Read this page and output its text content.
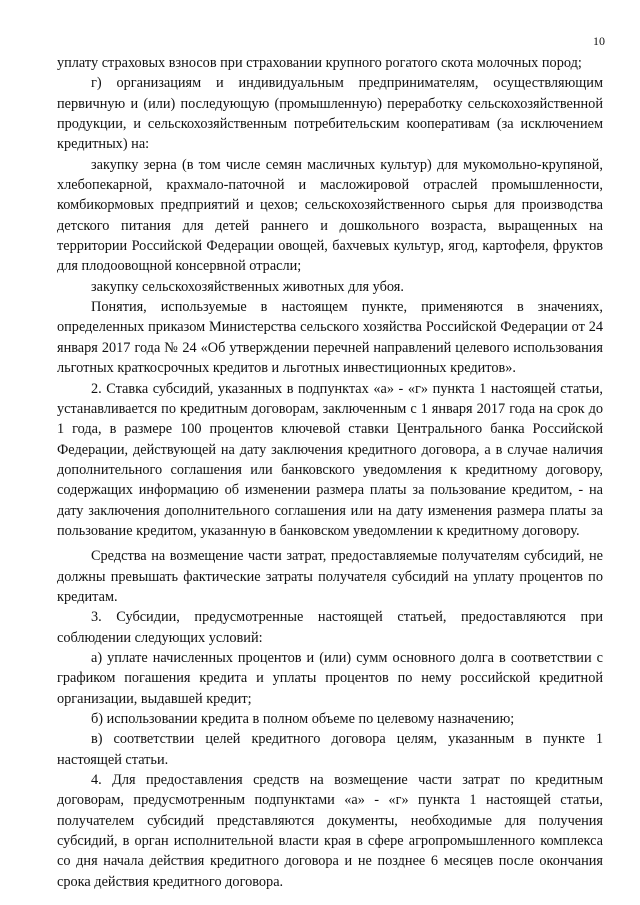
10

уплату страховых взносов при страховании крупного рогатого скота молочных пород;

г) организациям и индивидуальным предпринимателям, осуществляющим первичную и (или) последующую (промышленную) переработку сельскохозяйственной продукции, и сельскохозяйственным потребительским кооперативам (за исключением кредитных) на:

закупку зерна (в том числе семян масличных культур) для мукомольно-крупяной, хлебопекарной, крахмало-паточной и масложировой отраслей промышленности, комбикормовых предприятий и цехов; сельскохозяйственного сырья для производства детского питания для детей раннего и дошкольного возраста, выращенных на территории Российской Федерации овощей, бахчевых культур, ягод, картофеля, фруктов для плодоовощной консервной отрасли;

закупку сельскохозяйственных животных для убоя.

Понятия, используемые в настоящем пункте, применяются в значениях, определенных приказом Министерства сельского хозяйства Российской Федерации от 24 января 2017 года № 24 «Об утверждении перечней направлений целевого использования льготных краткосрочных кредитов и льготных инвестиционных кредитов».

2. Ставка субсидий, указанных в подпунктах «а» - «г» пункта 1 настоящей статьи, устанавливается по кредитным договорам, заключенным с 1 января 2017 года на срок до 1 года, в размере 100 процентов ключевой ставки Центрального банка Российской Федерации, действующей на дату заключения кредитного договора, а в случае наличия дополнительного соглашения или банковского уведомления к кредитному договору, содержащих информацию об изменении размера платы за пользование кредитом, - на дату заключения дополнительного соглашения или на дату изменения размера платы за пользование кредитом, указанную в банковском уведомлении к кредитному договору.

Средства на возмещение части затрат, предоставляемые получателям субсидий, не должны превышать фактические затраты получателя субсидий на уплату процентов по кредитам.

3. Субсидии, предусмотренные настоящей статьей, предоставляются при соблюдении следующих условий:

а) уплате начисленных процентов и (или) сумм основного долга в соответствии с графиком погашения кредита и уплаты процентов по нему российской кредитной организации, выдавшей кредит;

б) использовании кредита в полном объеме по целевому назначению;

в) соответствии целей кредитного договора целям, указанным в пункте 1 настоящей статьи.

4. Для предоставления средств на возмещение части затрат по кредитным договорам, предусмотренным подпунктами «а» - «г» пункта 1 настоящей статьи, получателем субсидий представляются документы, необходимые для получения субсидий, в орган исполнительной власти края в сфере агропромышленного комплекса со дня начала действия кредитного договора и не позднее 6 месяцев после окончания срока действия кредитного договора.
